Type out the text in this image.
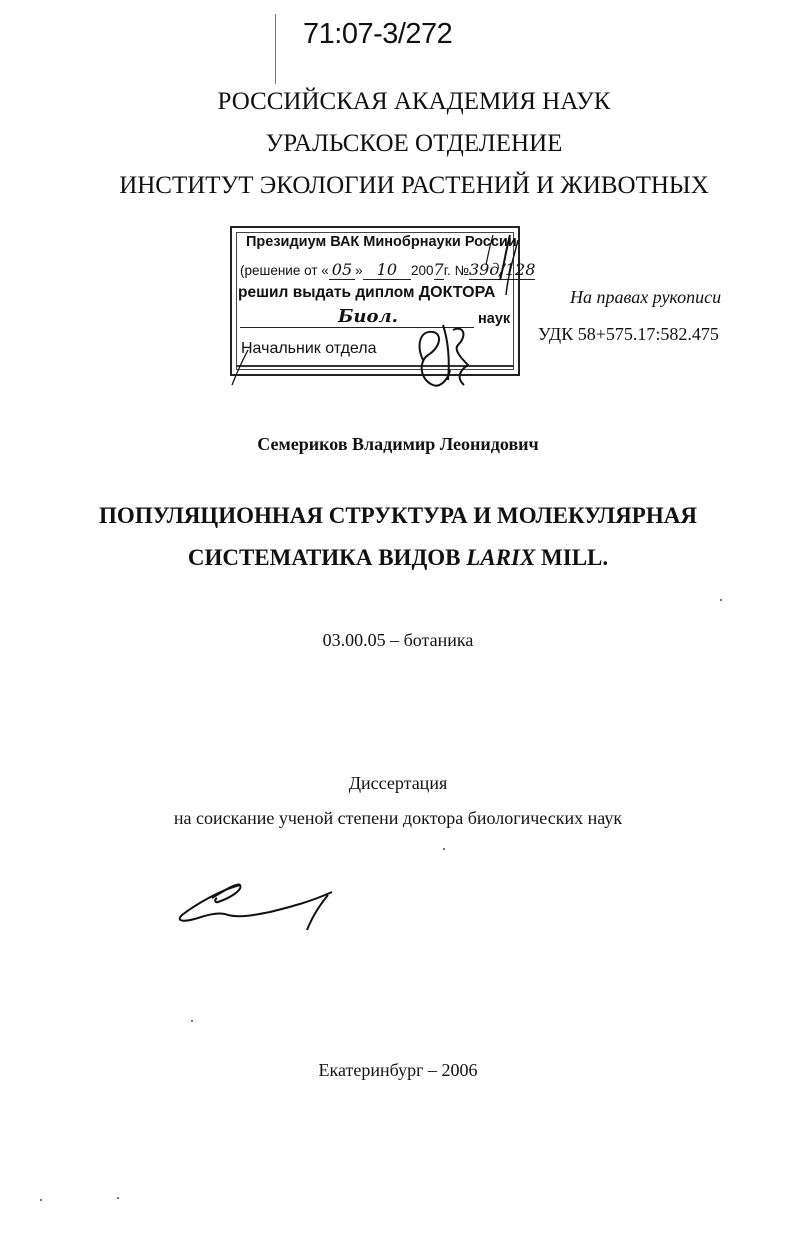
71:07-3/272
РОССИЙСКАЯ АКАДЕМИЯ НАУК
УРАЛЬСКОЕ ОТДЕЛЕНИЕ
ИНСТИТУТ ЭКОЛОГИИ РАСТЕНИЙ И ЖИВОТНЫХ
Президиум ВАК Минобрнауки России
(решение от « 05 » 10 2007г. №39д/128
решил выдать диплом ДОКТОРА
Биол.	наук
Начальник отдела
На правах рукописи
УДК 58+575.17:582.475
Семериков Владимир Леонидович
ПОПУЛЯЦИОННАЯ СТРУКТУРА И МОЛЕКУЛЯРНАЯ
СИСТЕМАТИКА ВИДОВ LARIX MILL.
03.00.05 – ботаника
Диссертация
на соискание ученой степени доктора биологических наук
Екатеринбург – 2006
